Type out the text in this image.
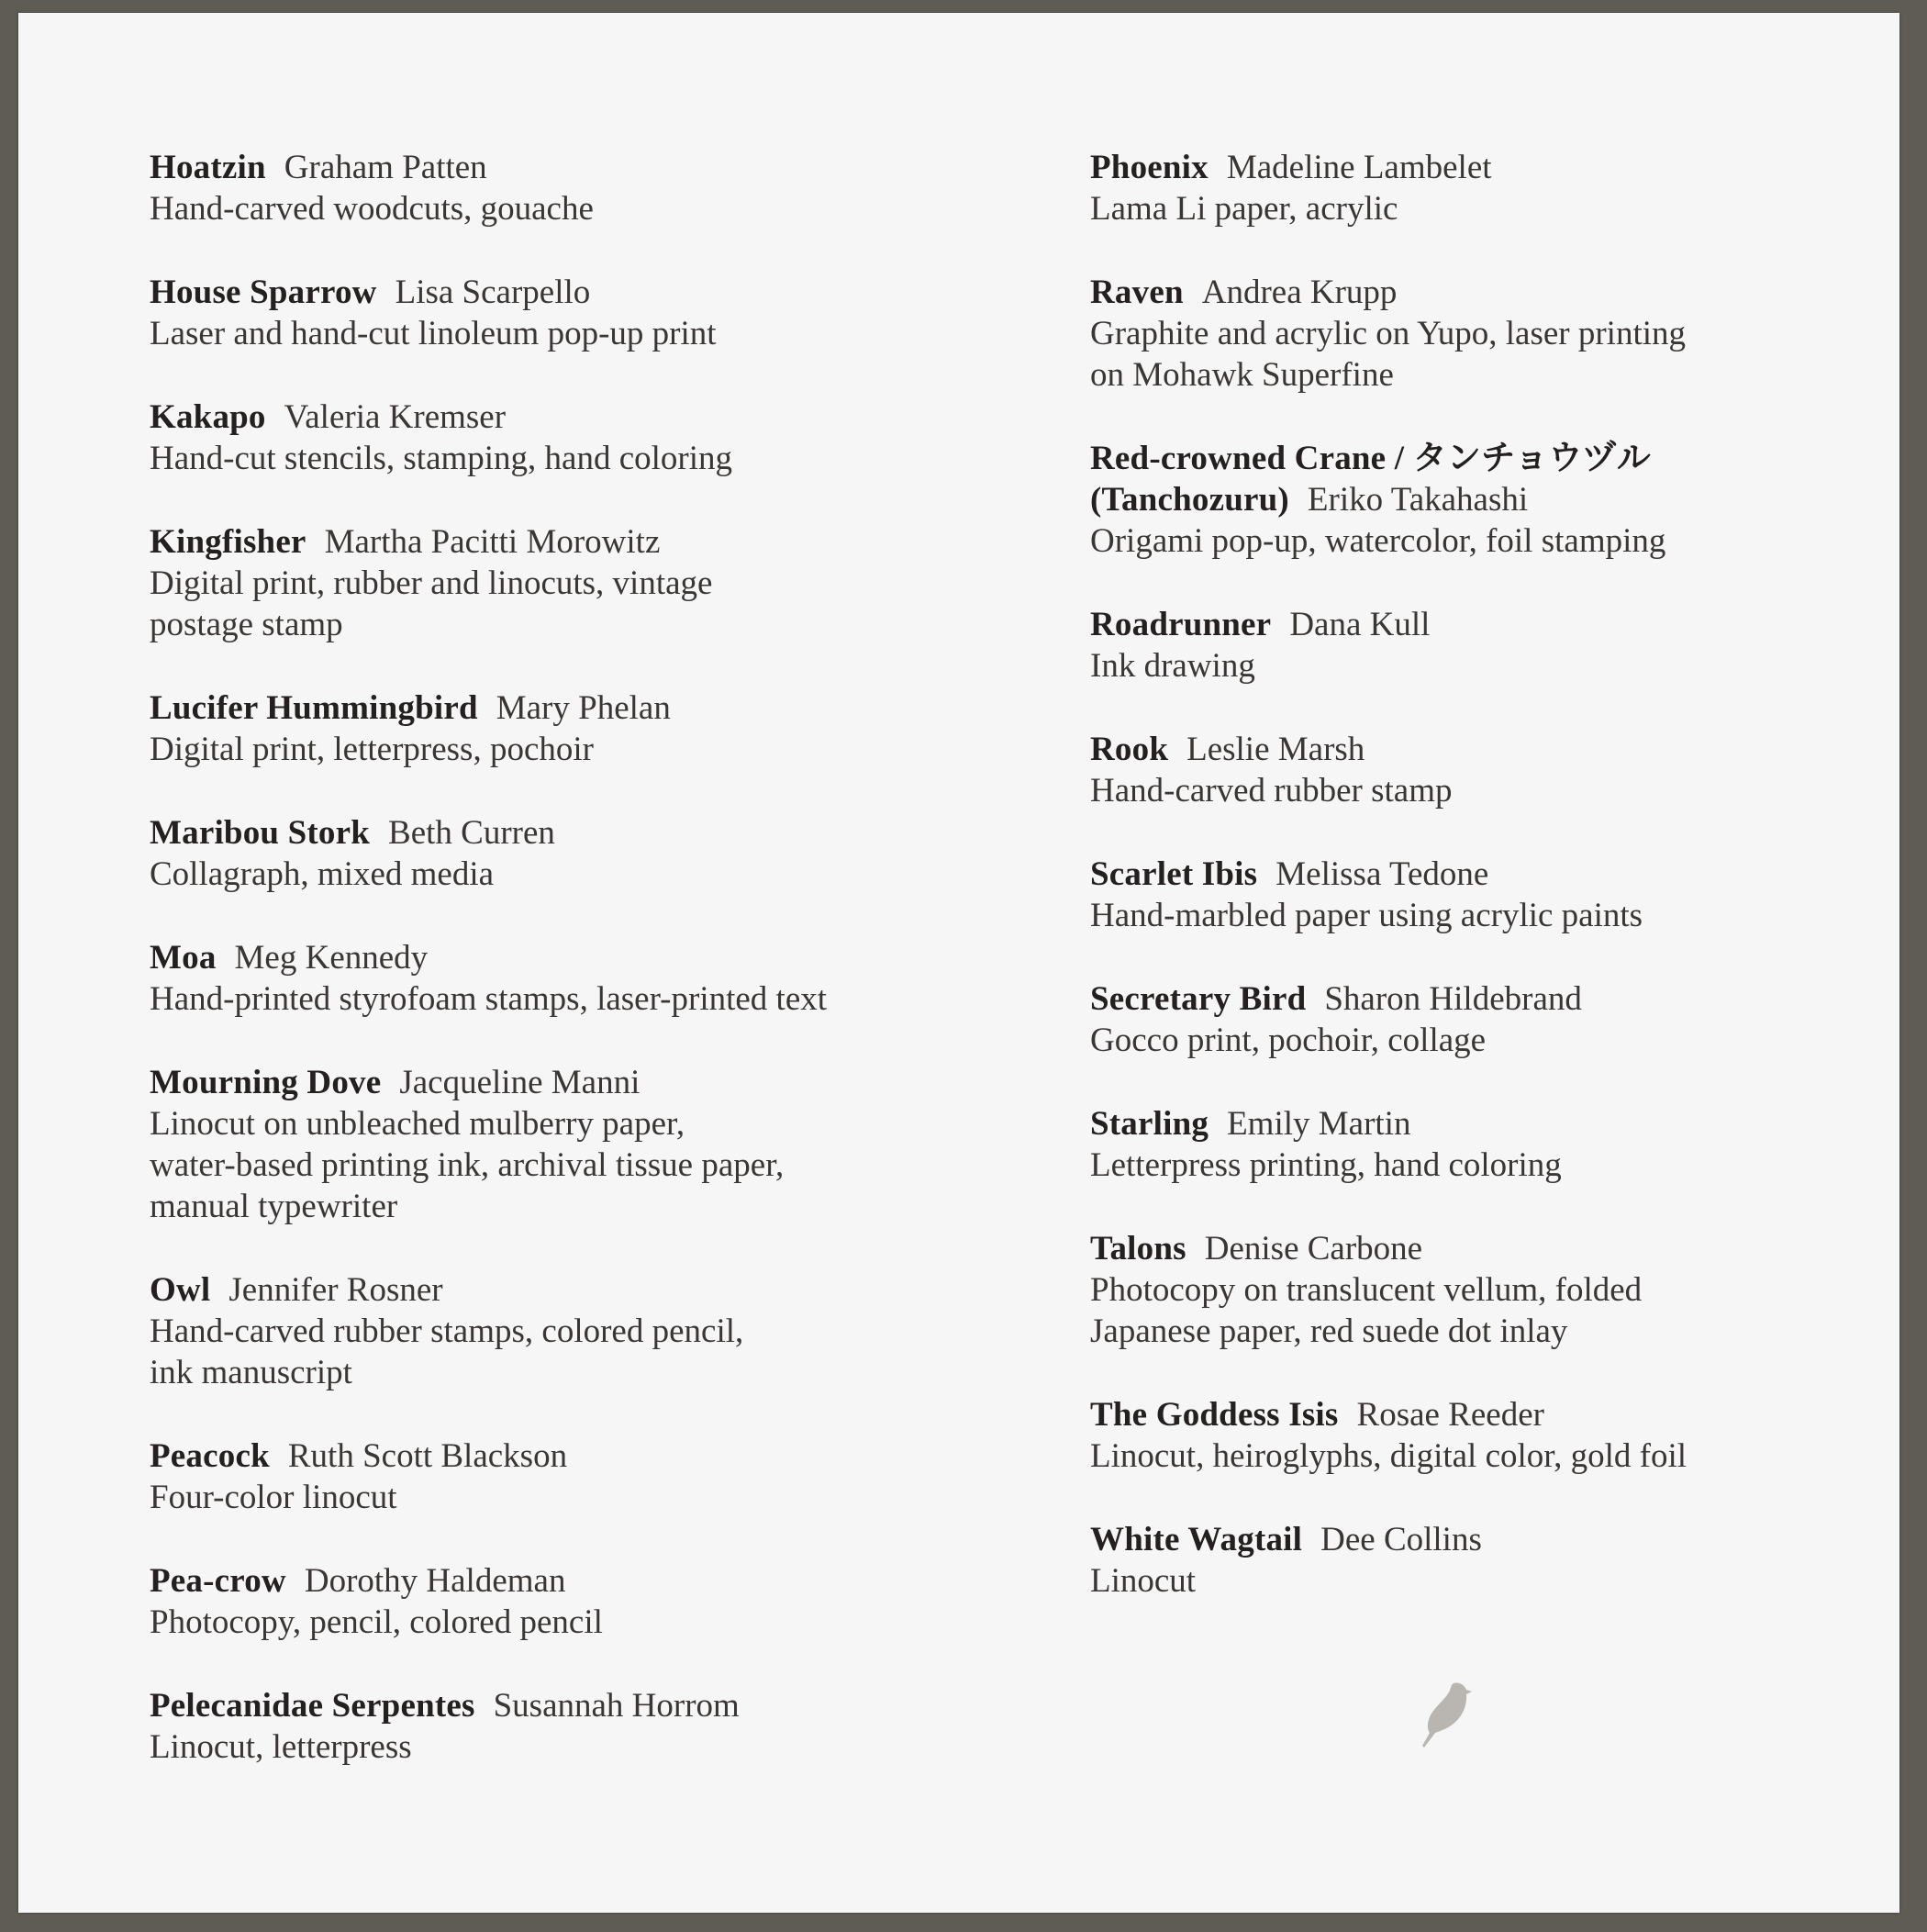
Hoatzin Graham Patten
Hand-carved woodcuts, gouache
House Sparrow Lisa Scarpello
Laser and hand-cut linoleum pop-up print
Kakapo Valeria Kremser
Hand-cut stencils, stamping, hand coloring
Kingfisher Martha Pacitti Morowitz
Digital print, rubber and linocuts, vintage
postage stamp
Lucifer Hummingbird Mary Phelan
Digital print, letterpress, pochoir
Maribou Stork Beth Curren
Collagraph, mixed media
Moa Meg Kennedy
Hand-printed styrofoam stamps, laser-printed text
Mourning Dove Jacqueline Manni
Linocut on unbleached mulberry paper,
water-based printing ink, archival tissue paper,
manual typewriter
Owl Jennifer Rosner
Hand-carved rubber stamps, colored pencil,
ink manuscript
Peacock Ruth Scott Blackson
Four-color linocut
Pea-crow Dorothy Haldeman
Photocopy, pencil, colored pencil
Pelecanidae Serpentes Susannah Horrom
Linocut, letterpress
Phoenix Madeline Lambelet
Lama Li paper, acrylic
Raven Andrea Krupp
Graphite and acrylic on Yupo, laser printing
on Mohawk Superfine
Red-crowned Crane / タンチョウヅル
(Tanchozuru) Eriko Takahashi
Origami pop-up, watercolor, foil stamping
Roadrunner Dana Kull
Ink drawing
Rook Leslie Marsh
Hand-carved rubber stamp
Scarlet Ibis Melissa Tedone
Hand-marbled paper using acrylic paints
Secretary Bird Sharon Hildebrand
Gocco print, pochoir, collage
Starling Emily Martin
Letterpress printing, hand coloring
Talons Denise Carbone
Photocopy on translucent vellum, folded
Japanese paper, red suede dot inlay
The Goddess Isis Rosae Reeder
Linocut, heiroglyphs, digital color, gold foil
White Wagtail Dee Collins
Linocut
